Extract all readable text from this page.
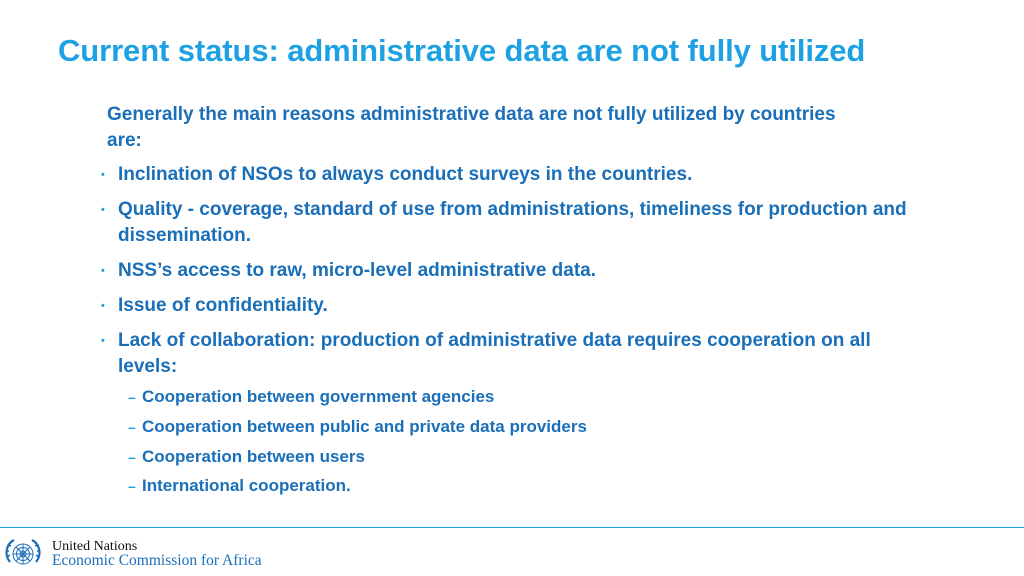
Current status: administrative data are not fully utilized

Generally the main reasons administrative data are not fully utilized by countries are:

• Inclination of NSOs to always conduct surveys in the countries.
• Quality - coverage, standard of use from administrations, timeliness for production and dissemination.
• NSS’s access to raw, micro-level administrative data.
• Issue of confidentiality.
• Lack of collaboration: production of administrative data requires cooperation on all levels:
– Cooperation between government agencies
– Cooperation between public and private data providers
– Cooperation between users
– International cooperation.
United Nations
Economic Commission for Africa
